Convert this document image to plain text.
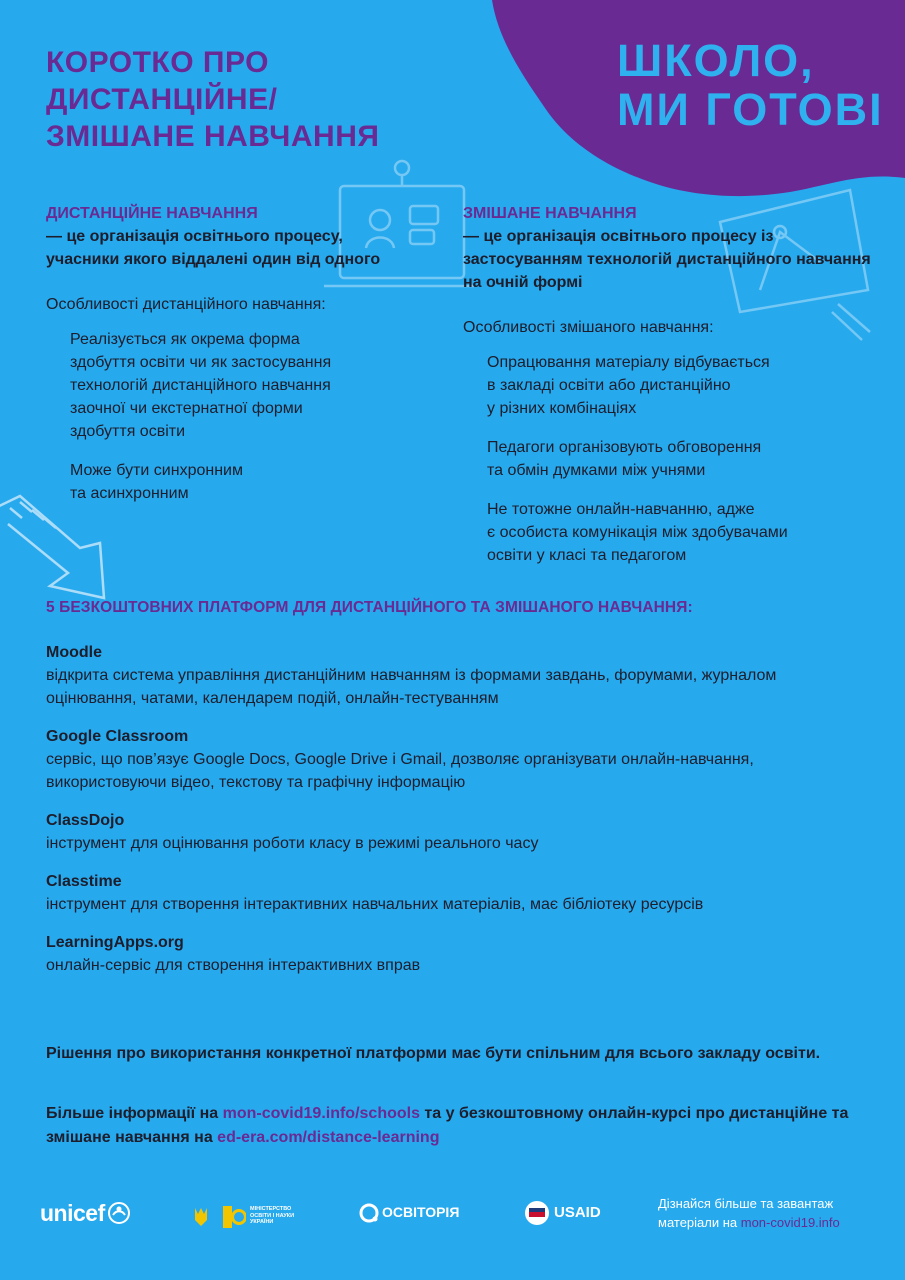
КОРОТКО ПРО
ДИСТАНЦІЙНЕ/
ЗМІШАНЕ НАВЧАННЯ
ШКОЛО,
МИ ГОТОВІ

ДИСТАНЦІЙНЕ НАВЧАННЯ

— це організація освітнього процесу, учасники якого віддалені один від одного

Особливості дистанційного навчання:

Реалізується як окрема форма
здобуття освіти чи як застосування
технологій дистанційного навчання
заочної чи екстернатної форми
здобуття освіти
Може бути синхронним
та асинхронним

ЗМІШАНЕ НАВЧАННЯ

— це організація освітнього процесу із застосуванням технологій дистанційного навчання на очній формі

Особливості змішаного навчання:

Опрацювання матеріалу відбувається
в закладі освіти або дистанційно
у різних комбінаціях
Педагоги організовують обговорення
та обмін думками між учнями
Не тотожне онлайн-навчанню, адже
є особиста комунікація між здобувачами
освіти у класі та педагогом

5 БЕЗКОШТОВНИХ ПЛАТФОРМ ДЛЯ ДИСТАНЦІЙНОГО ТА ЗМІШАНОГО НАВЧАННЯ:

Moodle

відкрита система управління дистанційним навчанням із формами завдань, форумами, журналом оцінювання, чатами, календарем подій, онлайн-тестуванням

Google Classroom

сервіс, що пов’язує Google Docs, Google Drive і Gmail, дозволяє організувати онлайн-навчання, використовуючи відео, текстову та графічну інформацію

ClassDojo

інструмент для оцінювання роботи класу в режимі реального часу

Classtime

інструмент для створення інтерактивних навчальних матеріалів, має бібліотеку ресурсів

LearningApps.org

онлайн-сервіс для створення інтерактивних вправ

Рішення про використання конкретної платформи має бути спільним для всього закладу освіти.

Більше інформації на mon-covid19.info/schools та у безкоштовному онлайн-курсі про дистанційне та змішане навчання на ed-era.com/distance-learning

unicef	МІНІСТЕРСТВО
ОСВІТИ І НАУКИ
УКРАЇНИ
ОСВІТОРІЯ	USAID
Дізнайся більше та завантаж матеріали на mon-covid19.info
